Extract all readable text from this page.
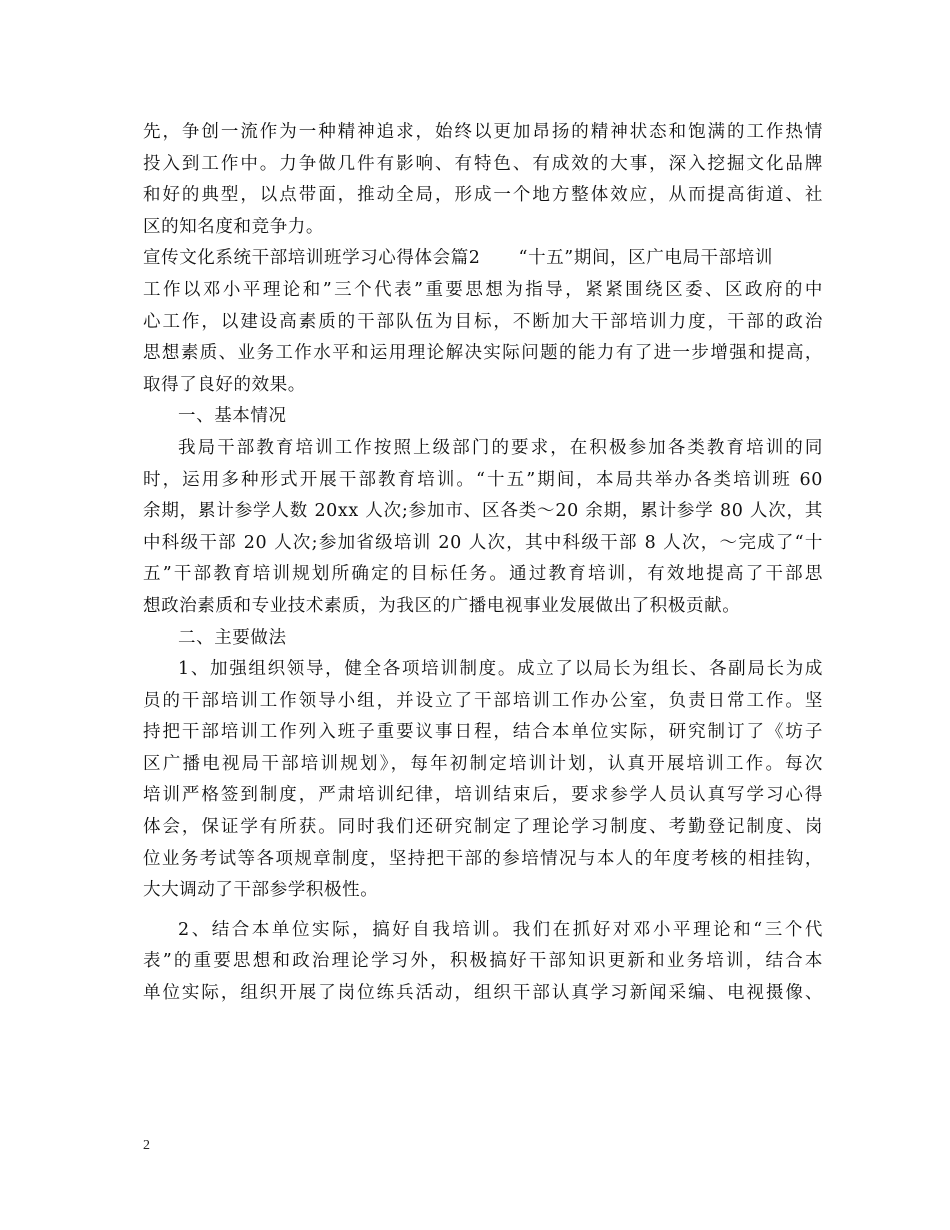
先，争创一流作为一种精神追求，始终以更加昂扬的精神状态和饱满的工作热情
投入到工作中。力争做几件有影响、有特色、有成效的大事，深入挖掘文化品牌
和好的典型，以点带面，推动全局，形成一个地方整体效应，从而提高街道、社
区的知名度和竞争力。
宣传文化系统干部培训班学习心得体会篇2 “十五”期间，区广电局干部培训
工作以邓小平理论和”三个代表”重要思想为指导，紧紧围绕区委、区政府的中
心工作，以建设高素质的干部队伍为目标，不断加大干部培训力度，干部的政治
思想素质、业务工作水平和运用理论解决实际问题的能力有了进一步增强和提高，
取得了良好的效果。
一、基本情况
我局干部教育培训工作按照上级部门的要求，在积极参加各类教育培训的同
时，运用多种形式开展干部教育培训。“十五”期间，本局共举办各类培训班 60
余期，累计参学人数 20xx 人次;参加市、区各类～20 余期，累计参学 80 人次，其
中科级干部 20 人次;参加省级培训 20 人次，其中科级干部 8 人次，～完成了“十
五”干部教育培训规划所确定的目标任务。通过教育培训，有效地提高了干部思
想政治素质和专业技术素质，为我区的广播电视事业发展做出了积极贡献。
二、主要做法
1、加强组织领导，健全各项培训制度。成立了以局长为组长、各副局长为成
员的干部培训工作领导小组，并设立了干部培训工作办公室，负责日常工作。坚
持把干部培训工作列入班子重要议事日程，结合本单位实际，研究制订了《坊子
区广播电视局干部培训规划》，每年初制定培训计划，认真开展培训工作。每次
培训严格签到制度，严肃培训纪律，培训结束后，要求参学人员认真写学习心得
体会，保证学有所获。同时我们还研究制定了理论学习制度、考勤登记制度、岗
位业务考试等各项规章制度，坚持把干部的参培情况与本人的年度考核的相挂钩，
大大调动了干部参学积极性。
2、结合本单位实际，搞好自我培训。我们在抓好对邓小平理论和“三个代
表”的重要思想和政治理论学习外，积极搞好干部知识更新和业务培训，结合本
单位实际，组织开展了岗位练兵活动，组织干部认真学习新闻采编、电视摄像、
2
